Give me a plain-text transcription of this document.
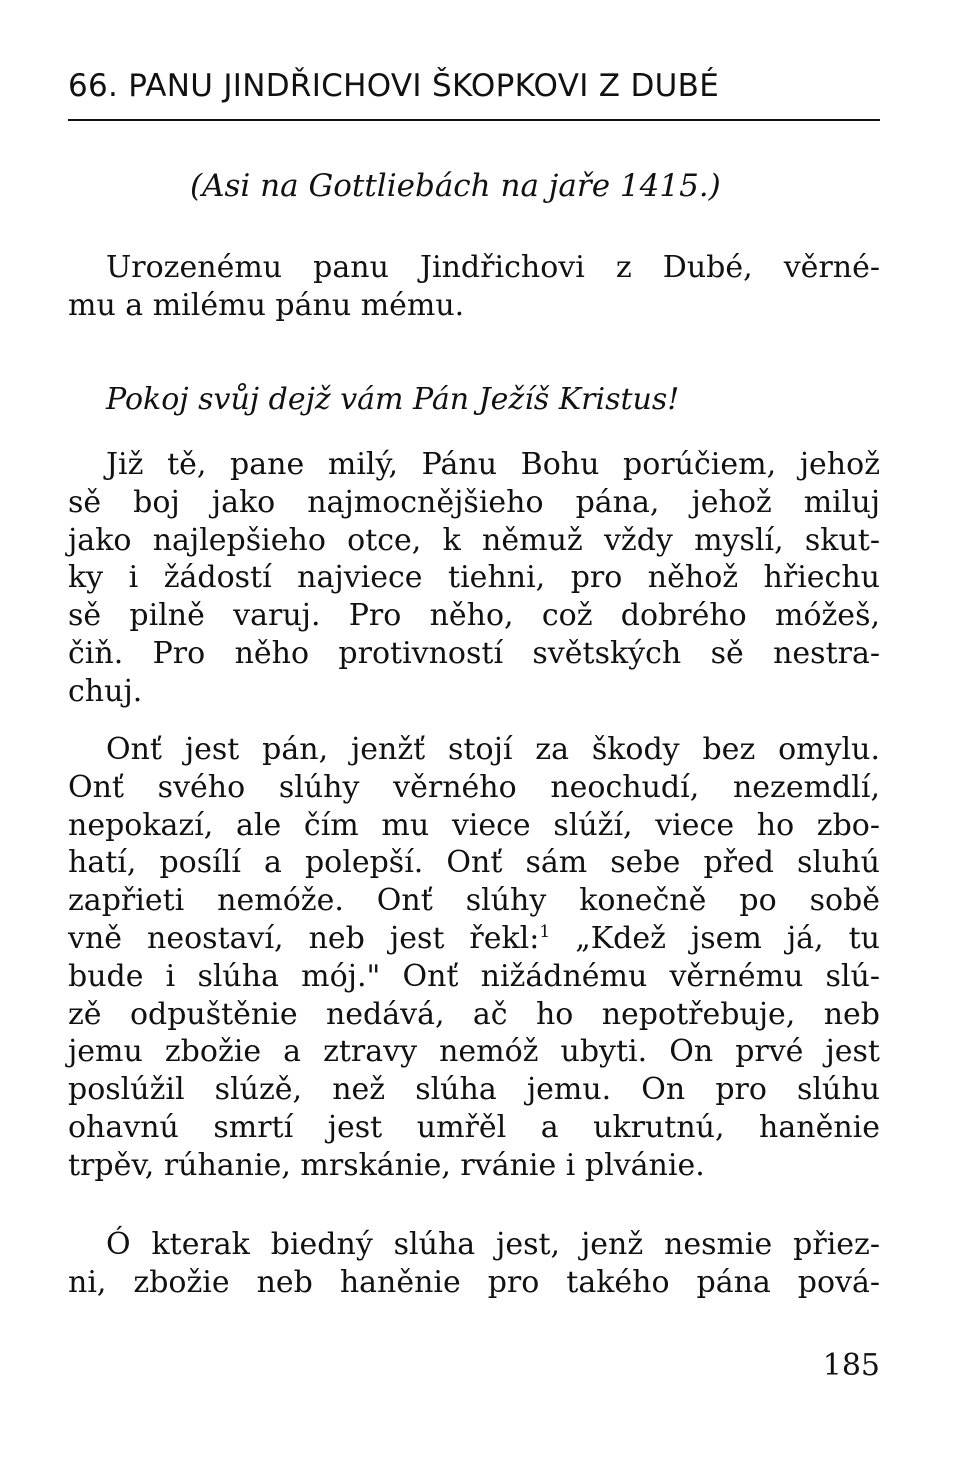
66. PANU JINDŘICHOVI ŠKOPKOVI Z DUBÉ
(Asi na Gottliebách na jaře 1415.)
Urozenému panu Jindřichovi z Dubé, věrné-
mu a milému pánu mému.
Pokoj svůj dejž vám Pán Ježíš Kristus!
Již tě, pane milý, Pánu Bohu porúčiem, jehož
sě boj jako najmocnějšieho pána, jehož miluj
jako najlepšieho otce, k němuž vždy myslí, skut-
ky i žádostí najviece tiehni, pro něhož hřiechu
sě pilně varuj. Pro něho, což dobrého móžeš,
čiň. Pro něho protivností světských sě nestra-
chuj.
Onť jest pán, jenžť stojí za škody bez omylu.
Onť svého slúhy věrného neochudí, nezemdlí,
nepokazí, ale čím mu viece slúží, viece ho zbo-
hatí, posílí a polepší. Onť sám sebe před sluhú
zapřieti nemóže. Onť slúhy konečně po sobě
vně neostaví, neb jest řekl:$^1$ „Kdež jsem já, tu
bude i slúha mój." Onť nižádnému věrnému slú-
zě odpuštěnie nedává, ač ho nepotřebuje, neb
jemu zbožie a ztravy nemóž ubyti. On prvé jest
poslúžil slúzě, než slúha jemu. On pro slúhu
ohavnú smrtí jest umřěl a ukrutnú, haněnie
trpěv, rúhanie, mrskánie, rvánie i plvánie.
Ó kterak biedný slúha jest, jenž nesmie přiez-
ni, zbožie neb haněnie pro takého pána pová-
185
